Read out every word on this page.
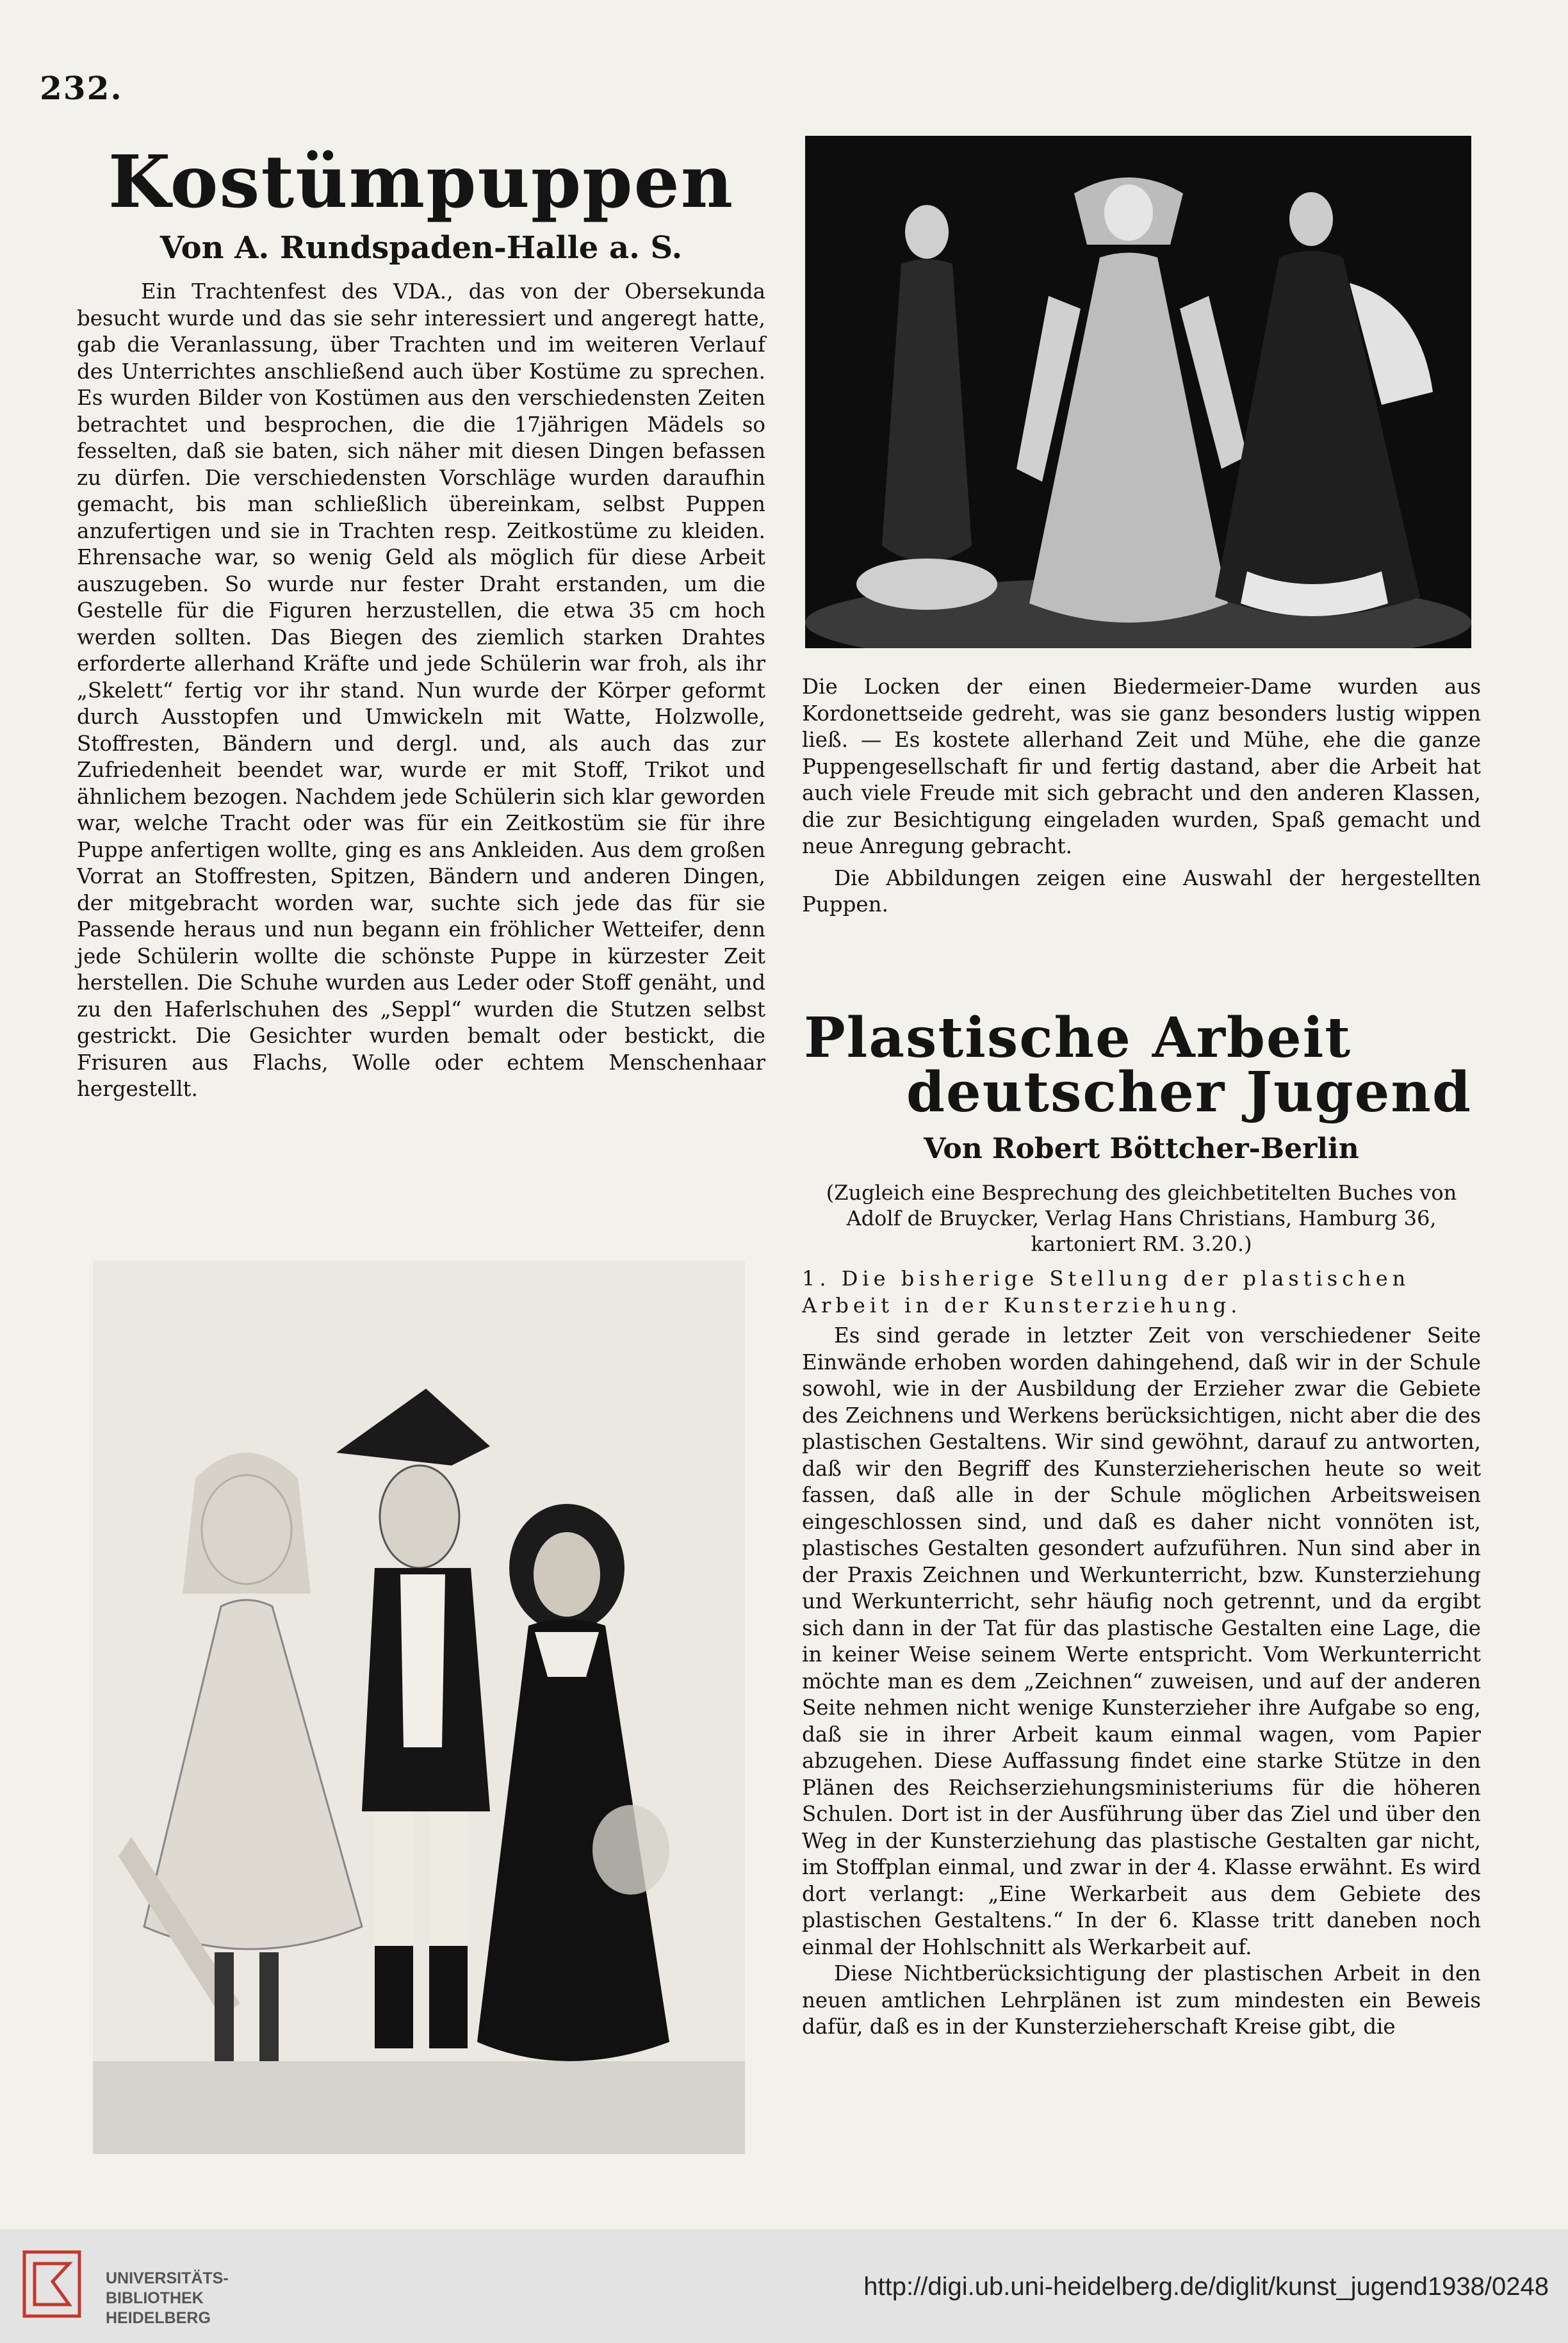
232.
Kostümpuppen
Von A. Rundspaden-Halle a. S.

Ein Trachtenfest des VDA., das von der Obersekunda besucht wurde und das sie sehr interessiert und angeregt hatte, gab die Veranlassung, über Trachten und im weiteren Verlauf des Unterrichtes anschließend auch über Kostüme zu sprechen. Es wurden Bilder von Kostümen aus den verschiedensten Zeiten betrachtet und besprochen, die die 17jährigen Mädels so fesselten, daß sie baten, sich näher mit diesen Dingen befassen zu dürfen. Die verschiedensten Vorschläge wurden daraufhin gemacht, bis man schließlich übereinkam, selbst Puppen anzufertigen und sie in Trachten resp. Zeitkostüme zu kleiden. Ehrensache war, so wenig Geld als möglich für diese Arbeit auszugeben. So wurde nur fester Draht erstanden, um die Gestelle für die Figuren herzustellen, die etwa 35 cm hoch werden sollten. Das Biegen des ziemlich starken Drahtes erforderte allerhand Kräfte und jede Schülerin war froh, als ihr „Skelett“ fertig vor ihr stand. Nun wurde der Körper geformt durch Ausstopfen und Umwickeln mit Watte, Holzwolle, Stoffresten, Bändern und dergl. und, als auch das zur Zufriedenheit beendet war, wurde er mit Stoff, Trikot und ähnlichem bezogen. Nachdem jede Schülerin sich klar geworden war, welche Tracht oder was für ein Zeitkostüm sie für ihre Puppe anfertigen wollte, ging es ans Ankleiden. Aus dem großen Vorrat an Stoffresten, Spitzen, Bändern und anderen Dingen, der mitgebracht worden war, suchte sich jede das für sie Passende heraus und nun begann ein fröhlicher Wetteifer, denn jede Schülerin wollte die schönste Puppe in kürzester Zeit herstellen. Die Schuhe wurden aus Leder oder Stoff genäht, und zu den Haferlschuhen des „Seppl“ wurden die Stutzen selbst gestrickt. Die Gesichter wurden bemalt oder bestickt, die Frisuren aus Flachs, Wolle oder echtem Menschenhaar hergestellt.

Die Locken der einen Biedermeier-Dame wurden aus Kordonettseide gedreht, was sie ganz besonders lustig wippen ließ. — Es kostete allerhand Zeit und Mühe, ehe die ganze Puppengesellschaft fir und fertig dastand, aber die Arbeit hat auch viele Freude mit sich gebracht und den anderen Klassen, die zur Besichtigung eingeladen wurden, Spaß gemacht und neue Anregung gebracht.

Die Abbildungen zeigen eine Auswahl der hergestellten Puppen.

Plastische Arbeit
deutscher Jugend
Von Robert Böttcher-Berlin
(Zugleich eine Besprechung des gleichbetitelten Buches von Adolf de Bruycker, Verlag Hans Christians, Hamburg 36, kartoniert RM. 3.20.)

1. Die bisherige Stellung der plastischen Arbeit in der Kunsterziehung.

Es sind gerade in letzter Zeit von verschiedener Seite Einwände erhoben worden dahingehend, daß wir in der Schule sowohl, wie in der Ausbildung der Erzieher zwar die Gebiete des Zeichnens und Werkens berücksichtigen, nicht aber die des plastischen Gestaltens. Wir sind gewöhnt, darauf zu antworten, daß wir den Begriff des Kunsterzieherischen heute so weit fassen, daß alle in der Schule möglichen Arbeitsweisen eingeschlossen sind, und daß es daher nicht vonnöten ist, plastisches Gestalten gesondert aufzuführen. Nun sind aber in der Praxis Zeichnen und Werkunterricht, bzw. Kunsterziehung und Werkunterricht, sehr häufig noch getrennt, und da ergibt sich dann in der Tat für das plastische Gestalten eine Lage, die in keiner Weise seinem Werte entspricht. Vom Werkunterricht möchte man es dem „Zeichnen“ zuweisen, und auf der anderen Seite nehmen nicht wenige Kunsterzieher ihre Aufgabe so eng, daß sie in ihrer Arbeit kaum einmal wagen, vom Papier abzugehen. Diese Auffassung findet eine starke Stütze in den Plänen des Reichserziehungsministeriums für die höheren Schulen. Dort ist in der Ausführung über das Ziel und über den Weg in der Kunsterziehung das plastische Gestalten gar nicht, im Stoffplan einmal, und zwar in der 4. Klasse erwähnt. Es wird dort verlangt: „Eine Werkarbeit aus dem Gebiete des plastischen Gestaltens.“ In der 6. Klasse tritt daneben noch einmal der Hohlschnitt als Werkarbeit auf.

Diese Nichtberücksichtigung der plastischen Arbeit in den neuen amtlichen Lehrplänen ist zum mindesten ein Beweis dafür, daß es in der Kunsterzieherschaft Kreise gibt, die

UNIVERSITÄTS-
BIBLIOTHEK
HEIDELBERG
http://digi.ub.uni-heidelberg.de/diglit/kunst_jugend1938/0248
